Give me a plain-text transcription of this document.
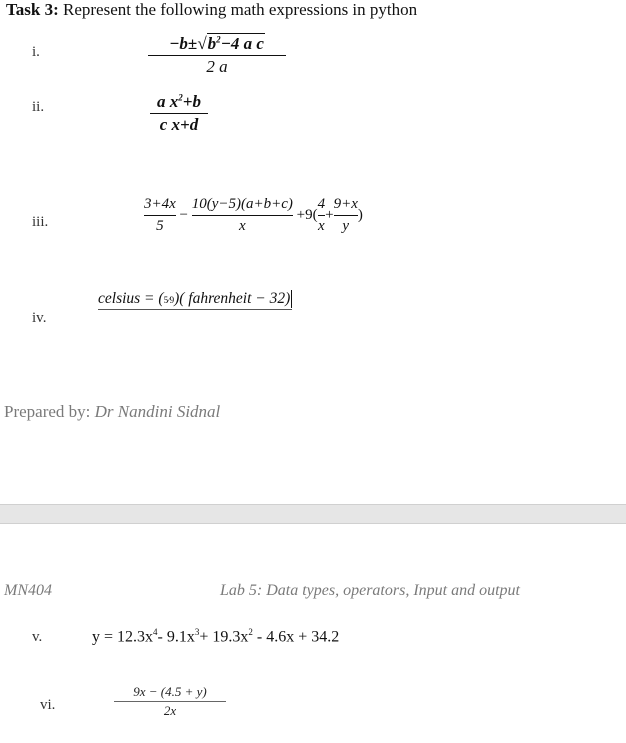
Task 3: Represent the following math expressions in python
i.	$-b\pm√b^2-4$ a c
2 a
ii.	a $x^2+b$
c x+d
iii.	$\frac{3+4x}{5} - \frac{10(y-5)(a+b+c)}{x} +9( \frac{4}{x} + \frac{9+x}{y}$ )
celsius = (5⁄9)( fahrenheit − 32)
iv.
Prepared by: Dr Nandini Sidnal
MN404	Lab 5: Data types, operators, Input and output
v.	$y = 12.3x^4-$ $9.1x^3+ 19.3x^2 - 4.6x + 34.2$
vi.
9x − (4.5 + y)
2x
